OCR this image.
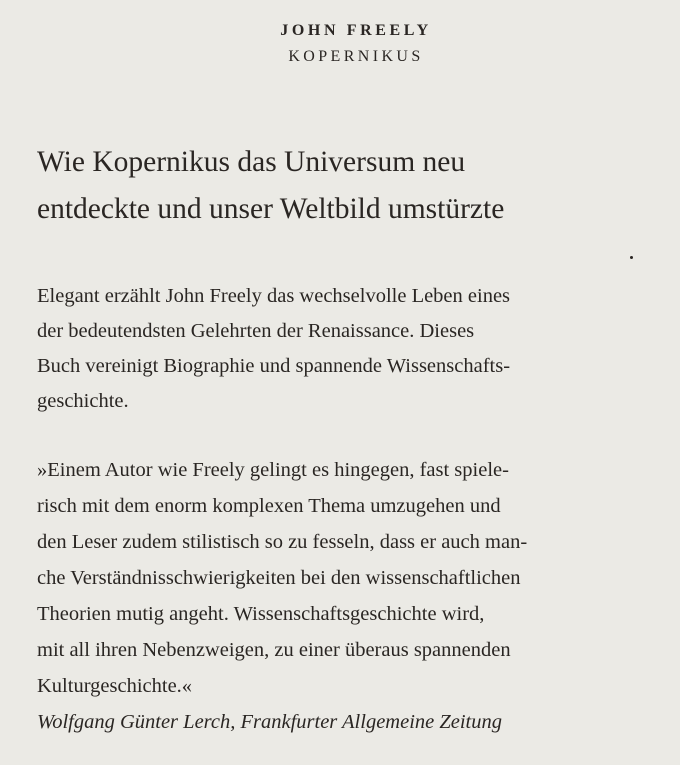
JOHN FREELY
KOPERNIKUS
Wie Kopernikus das Universum neu
entdeckte und unser Weltbild umstürzte
Elegant erzählt John Freely das wechselvolle Leben eines
der bedeutendsten Gelehrten der Renaissance. Dieses
Buch vereinigt Biographie und spannende Wissenschafts-
geschichte.
»Einem Autor wie Freely gelingt es hingegen, fast spiele-
risch mit dem enorm komplexen Thema umzugehen und
den Leser zudem stilistisch so zu fesseln, dass er auch man-
che Verständnisschwierigkeiten bei den wissenschaftlichen
Theorien mutig angeht. Wissenschaftsgeschichte wird,
mit all ihren Nebenzweigen, zu einer überaus spannenden
Kulturgeschichte.«
Wolfgang Günter Lerch, Frankfurter Allgemeine Zeitung
